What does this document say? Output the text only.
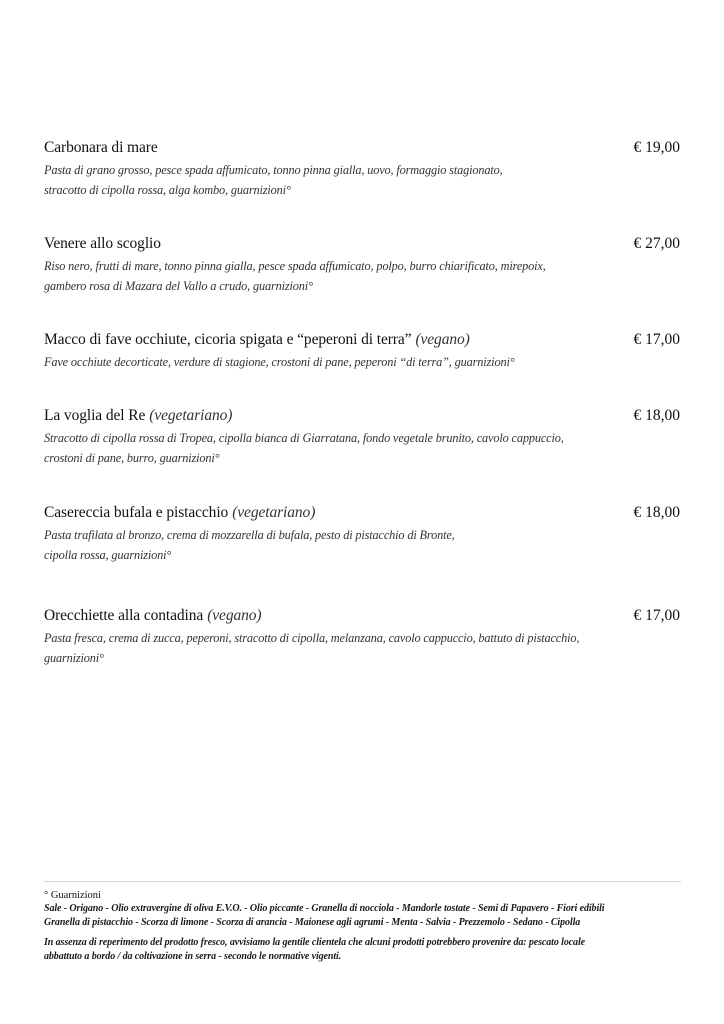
Carbonara di mare	€ 19,00
Pasta di grano grosso, pesce spada affumicato, tonno pinna gialla, uovo, formaggio stagionato,
stracotto di cipolla rossa, alga kombo, guarnizioni°
Venere allo scoglio	€ 27,00
Riso nero, frutti di mare, tonno pinna gialla, pesce spada affumicato, polpo, burro chiarificato, mirepoix,
gambero rosa di Mazara del Vallo a crudo, guarnizioni°
Macco di fave occhiute, cicoria spigata e “peperoni di terra” (vegano)	€ 17,00
Fave occhiute decorticate, verdure di stagione, crostoni di pane, peperoni “di terra”, guarnizioni°
La voglia del Re (vegetariano)	€ 18,00
Stracotto di cipolla rossa di Tropea, cipolla bianca di Giarratana, fondo vegetale brunito, cavolo cappuccio,
crostoni di pane, burro, guarnizioni°
Casereccia bufala e pistacchio (vegetariano)	€ 18,00
Pasta trafilata al bronzo, crema di mozzarella di bufala, pesto di pistacchio di Bronte,
cipolla rossa, guarnizioni°
Orecchiette alla contadina (vegano)	€ 17,00
Pasta fresca, crema di zucca, peperoni, stracotto di cipolla, melanzana, cavolo cappuccio, battuto di pistacchio,
guarnizioni°
° Guarnizioni
Sale - Origano - Olio extravergine di oliva E.V.O. - Olio piccante - Granella di nocciola - Mandorle tostate - Semi di Papavero - Fiori edibili
Granella di pistacchio - Scorza di limone - Scorza di arancia - Maionese agli agrumi - Menta - Salvia - Prezzemolo - Sedano - Cipolla
In assenza di reperimento del prodotto fresco, avvisiamo la gentile clientela che alcuni prodotti potrebbero provenire da: pescato locale
abbattuto a bordo / da coltivazione in serra - secondo le normative vigenti.
